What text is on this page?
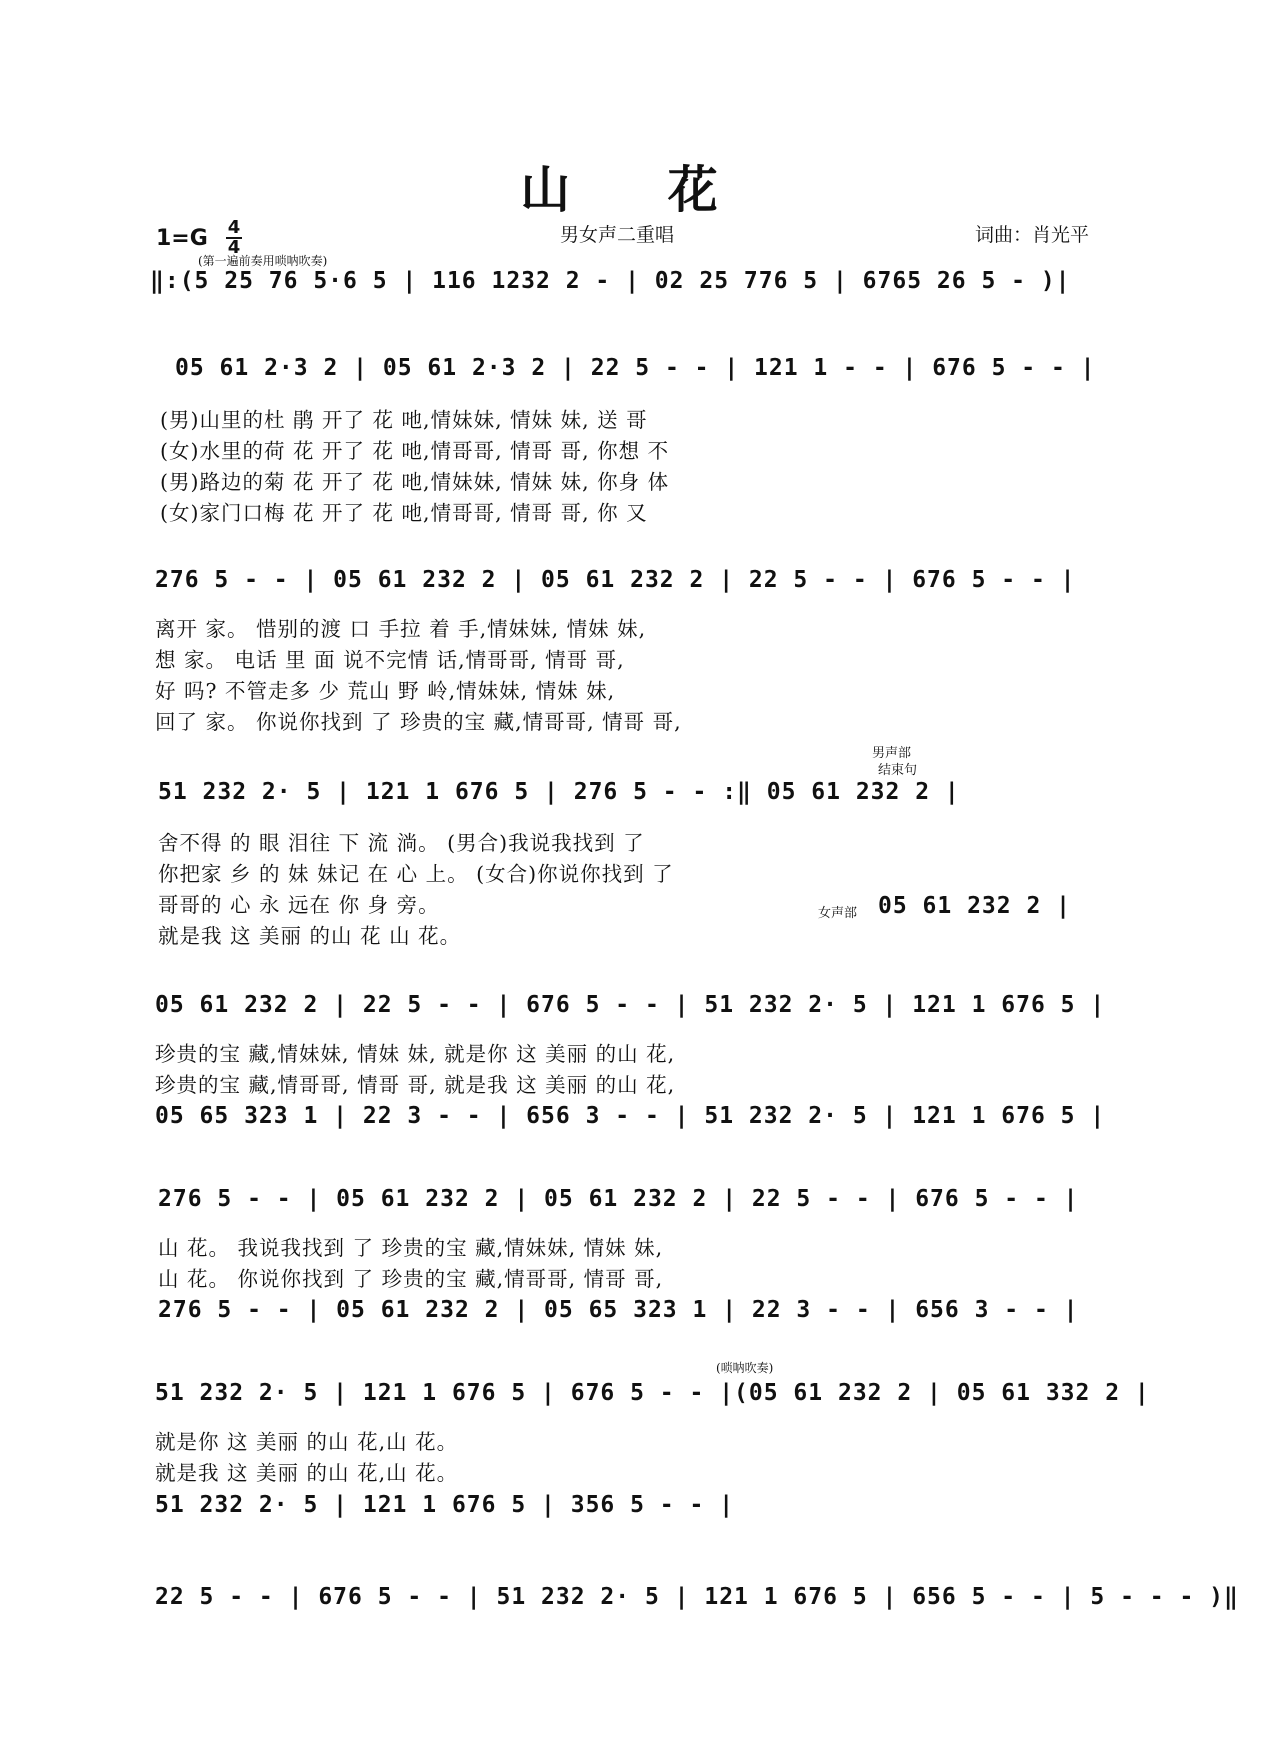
山 花
1=G 4
4
男女声二重唱	词曲：肖光平
(第一遍前奏用唢呐吹奏)
‖:(5 25 76 5·6 5 | 116 1232 2 - | 02 25 776 5 | 6765 26 5 - )|
05 61 2·3 2 | 05 61 2·3 2 | 22 5 - - | 121 1 - - | 676 5 - - |
(男)山里的杜 鹃 开了 花 吔,情妹妹, 情妹 妹, 送 哥
(女)水里的荷 花 开了 花 吔,情哥哥, 情哥 哥, 你想 不
(男)路边的菊 花 开了 花 吔,情妹妹, 情妹 妹, 你身 体
(女)家门口梅 花 开了 花 吔,情哥哥, 情哥 哥, 你 又
276 5 - - | 05 61 232 2 | 05 61 232 2 | 22 5 - - | 676 5 - - |
离开 家。 惜别的渡 口 手拉 着 手,情妹妹, 情妹 妹,
想 家。 电话 里 面 说不完情 话,情哥哥, 情哥 哥,
好 吗? 不管走多 少 荒山 野 岭,情妹妹, 情妹 妹,
回了 家。 你说你找到 了 珍贵的宝 藏,情哥哥, 情哥 哥,
男声部
结束句
51 232 2· 5 | 121 1 676 5 | 276 5 - - :‖ 05 61 232 2 |
舍不得 的 眼 泪往 下 流 淌。 (男合)我说我找到 了
你把家 乡 的 妹 妹记 在 心 上。 (女合)你说你找到 了
哥哥的 心 永 远在 你 身 旁。
就是我 这 美丽 的山 花 山 花。
女声部 05 61 232 2 |
05 61 232 2 | 22 5 - - | 676 5 - - | 51 232 2· 5 | 121 1 676 5 |
珍贵的宝 藏,情妹妹, 情妹 妹, 就是你 这 美丽 的山 花,
珍贵的宝 藏,情哥哥, 情哥 哥, 就是我 这 美丽 的山 花,
05 65 323 1 | 22 3 - - | 656 3 - - | 51 232 2· 5 | 121 1 676 5 |
276 5 - - | 05 61 232 2 | 05 61 232 2 | 22 5 - - | 676 5 - - |
山 花。 我说我找到 了 珍贵的宝 藏,情妹妹, 情妹 妹,
山 花。 你说你找到 了 珍贵的宝 藏,情哥哥, 情哥 哥,
276 5 - - | 05 61 232 2 | 05 65 323 1 | 22 3 - - | 656 3 - - |
(唢呐吹奏)
51 232 2· 5 | 121 1 676 5 | 676 5 - - |(05 61 232 2 | 05 61 332 2 |
就是你 这 美丽 的山 花,山 花。
就是我 这 美丽 的山 花,山 花。
51 232 2· 5 | 121 1 676 5 | 356 5 - - |
22 5 - - | 676 5 - - | 51 232 2· 5 | 121 1 676 5 | 656 5 - - | 5 - - - )‖
